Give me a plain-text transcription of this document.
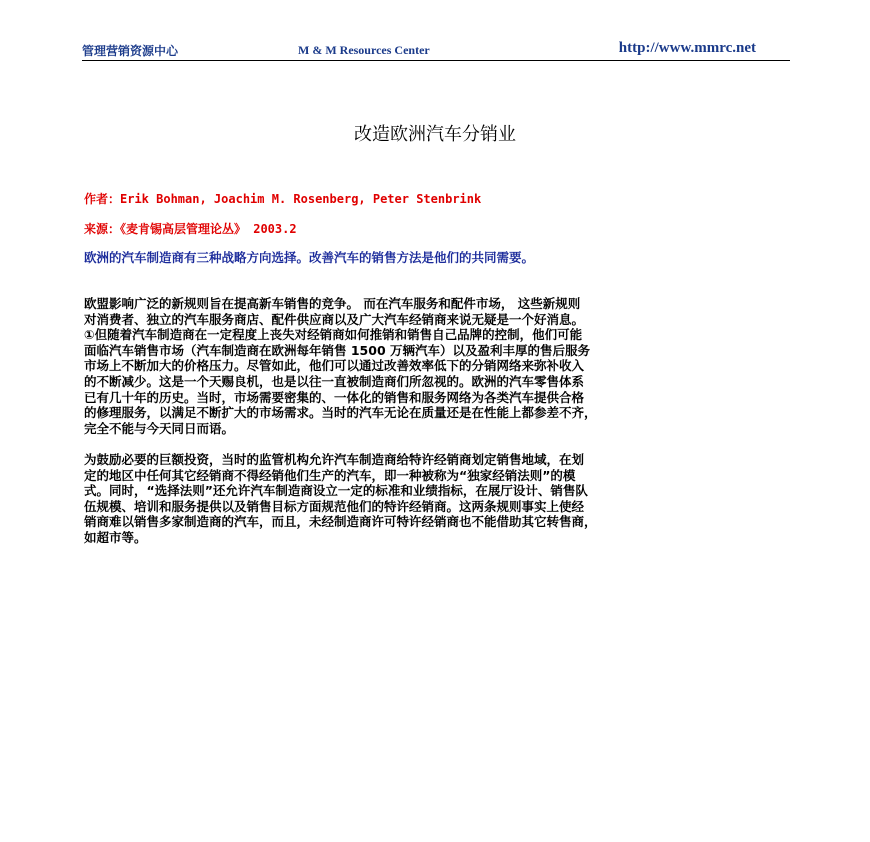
管理营销资源中心	M & M Resources Center	http://www.mmrc.net
改造欧洲汽车分销业
作者：Erik Bohman, Joachim M. Rosenberg, Peter Stenbrink
来源：《麦肯锡高层管理论丛》 2003.2
欧洲的汽车制造商有三种战略方向选择。改善汽车的销售方法是他们的共同需要。
欧盟影响广泛的新规则旨在提高新车销售的竞争。 而在汽车服务和配件市场， 这些新规则
对消费者、独立的汽车服务商店、配件供应商以及广大汽车经销商来说无疑是一个好消息。
①但随着汽车制造商在一定程度上丧失对经销商如何推销和销售自己品牌的控制，他们可能
面临汽车销售市场（汽车制造商在欧洲每年销售 1500 万辆汽车）以及盈利丰厚的售后服务
市场上不断加大的价格压力。尽管如此，他们可以通过改善效率低下的分销网络来弥补收入
的不断减少。这是一个天赐良机，也是以往一直被制造商们所忽视的。欧洲的汽车零售体系
已有几十年的历史。当时，市场需要密集的、一体化的销售和服务网络为各类汽车提供合格
的修理服务，以满足不断扩大的市场需求。当时的汽车无论在质量还是在性能上都参差不齐，
完全不能与今天同日而语。
为鼓励必要的巨额投资，当时的监管机构允许汽车制造商给特许经销商划定销售地域，在划
定的地区中任何其它经销商不得经销他们生产的汽车，即一种被称为“独家经销法则”的模
式。同时，“选择法则”还允许汽车制造商设立一定的标准和业绩指标，在展厅设计、销售队
伍规模、培训和服务提供以及销售目标方面规范他们的特许经销商。这两条规则事实上使经
销商难以销售多家制造商的汽车，而且，未经制造商许可特许经销商也不能借助其它转售商，
如超市等。
